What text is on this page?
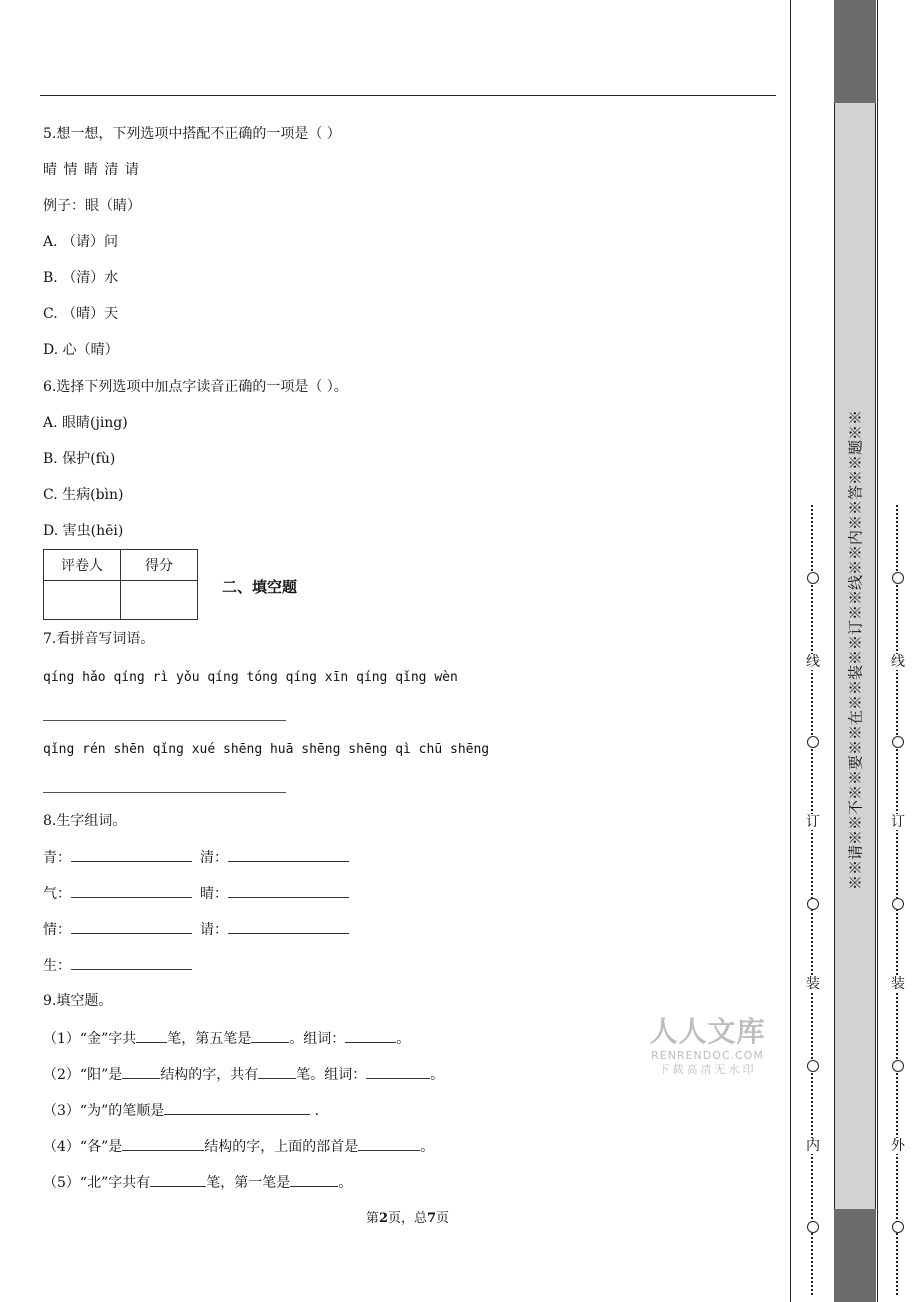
5.想一想，下列选项中搭配不正确的一项是（ ）
晴 情 睛 清 请
例子：眼（睛）
A. （请）问
B. （清）水
C. （晴）天
D. 心（晴）
6.选择下列选项中加点字读音正确的一项是（ ）。
A. 眼睛(jing)
B. 保护(fù)
C. 生病(bìn)
D. 害虫(hēi)
评卷人	得分

二、填空题
7.看拼音写词语。
qíng hǎo qíng rì yǒu qíng tóng qíng xīn qíng qǐng wèn
qǐng rén shēn qǐng xué shēng huā shēng shēng qì chū shēng
8.生字组词。
青：	清：
气：	晴：
情：	请：
生：
9.填空题。
（1）“金”字共 笔，第五笔是	。组词：	。
（2）“阳”是	结构的字，共有	笔。组词：	。
（3）“为”的笔顺是	.
（4）“各”是	结构的字，上面的部首是	。
（5）“北”字共有	笔，第一笔是	。
第2页，总7页
人人文库
RENRENDOC.COM
下载高清无水印
※※请※※不※※要※※在※※装※※订※※线※※内※※答※※题※※
线
订
装
内
线
订
装
外
